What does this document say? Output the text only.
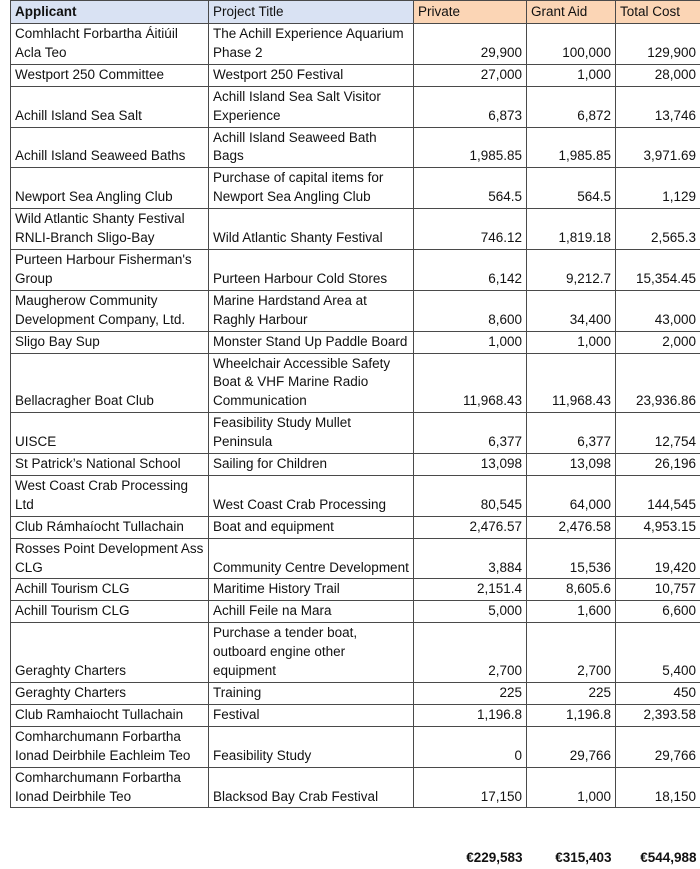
Applicant	Project Title	Private	Grant Aid	Total Cost
Comhlacht Forbartha Áitiúil Acla Teo	The Achill Experience Aquarium Phase 2	29,900	100,000	129,900
Westport 250 Committee	Westport 250 Festival	27,000	1,000	28,000
Achill Island Sea Salt	Achill Island Sea Salt Visitor Experience	6,873	6,872	13,746
Achill Island Seaweed Baths	Achill Island Seaweed Bath Bags	1,985.85	1,985.85	3,971.69
Newport Sea Angling Club	Purchase of capital items for Newport Sea Angling Club	564.5	564.5	1,129
Wild Atlantic Shanty Festival RNLI-Branch Sligo-Bay	Wild Atlantic Shanty Festival	746.12	1,819.18	2,565.3
Purteen Harbour Fisherman's Group	Purteen Harbour Cold Stores	6,142	9,212.7	15,354.45
Maugherow Community Development Company, Ltd.	Marine Hardstand Area at Raghly Harbour	8,600	34,400	43,000
Sligo Bay Sup	Monster Stand Up Paddle Board	1,000	1,000	2,000
Bellacragher Boat Club	Wheelchair Accessible Safety Boat & VHF Marine Radio Communication	11,968.43	11,968.43	23,936.86
UISCE	Feasibility Study Mullet Peninsula	6,377	6,377	12,754
St Patrick’s National School	Sailing for Children	13,098	13,098	26,196
West Coast Crab Processing Ltd	West Coast Crab Processing	80,545	64,000	144,545
Club Rámhaíocht Tullachain	Boat and equipment	2,476.57	2,476.58	4,953.15
Rosses Point Development Ass CLG	Community Centre Development	3,884	15,536	19,420
Achill Tourism CLG	Maritime History Trail	2,151.4	8,605.6	10,757
Achill Tourism CLG	Achill Feile na Mara	5,000	1,600	6,600
Geraghty Charters	Purchase a tender boat, outboard engine other equipment	2,700	2,700	5,400
Geraghty Charters	Training	225	225	450
Club Ramhaiocht Tullachain	Festival	1,196.8	1,196.8	2,393.58
Comharchumann Forbartha Ionad Deirbhile Eachleim Teo	Feasibility Study	0	29,766	29,766
Comharchumann Forbartha Ionad Deirbhile Teo	Blacksod Bay Crab Festival	17,150	1,000	18,150

		€229,583	€315,403	€544,988
